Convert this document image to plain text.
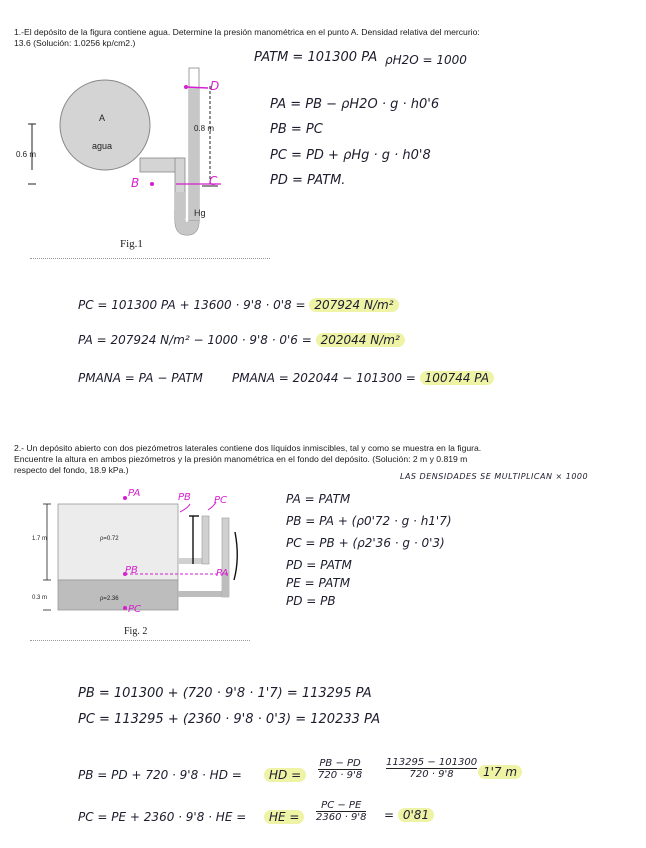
1.-El depósito de la figura contiene agua. Determine la presión manométrica en el punto A. Densidad relativa del mercurio:
13.6 (Solución: 1.0256 kp/cm2.)
PATM = 101300 PA ρH2O = 1000
A
agua
0.6 m
0.8 m
Hg
B	C
D
Fig.1
PA = PB − ρH2O · g · h0'6
PB = PC
PC = PD + ρHg · g · h0'8
PD = PATM.
PC = 101300 PA + 13600 · 9'8 · 0'8 = 207924 N/m²
PA = 207924 N/m² − 1000 · 9'8 · 0'6 = 202044 N/m²
PMANA = PA − PATM PMANA = 202044 − 101300 = 100744 PA
2.- Un depósito abierto con dos piezómetros laterales contiene dos líquidos inmiscibles, tal y como se muestra en la figura.
Encuentre la altura en ambos piezómetros y la presión manométrica en el fondo del depósito. (Solución: 2 m y 0.819 m
respecto del fondo, 18.9 kPa.)
LAS DENSIDADES SE MULTIPLICAN × 1000
1.7 m
0.3 m
ρ=0.72
ρ=2.36
PA
PB
PC
PB PC
PA
Fig. 2
PA = PATM
PB = PA + (ρ0'72 · g · h1'7)
PC = PB + (ρ2'36 · g · 0'3)
PD = PATM
PE = PATM
PD = PB
PB = 101300 + (720 · 9'8 · 1'7) = 113295 PA
PC = 113295 + (2360 · 9'8 · 0'3) = 120233 PA
PB = PD + 720 · 9'8 · HD =	HD =	$\frac{PB - PD}{720 \cdot 9'8} 113295 - 101300$
720 · 9'8	1'7 m
PC = PE + 2360 · 9'8 · HE =	HE =	$\frac{PC - PE}{2360 \cdot 9'8} = 0'81$
